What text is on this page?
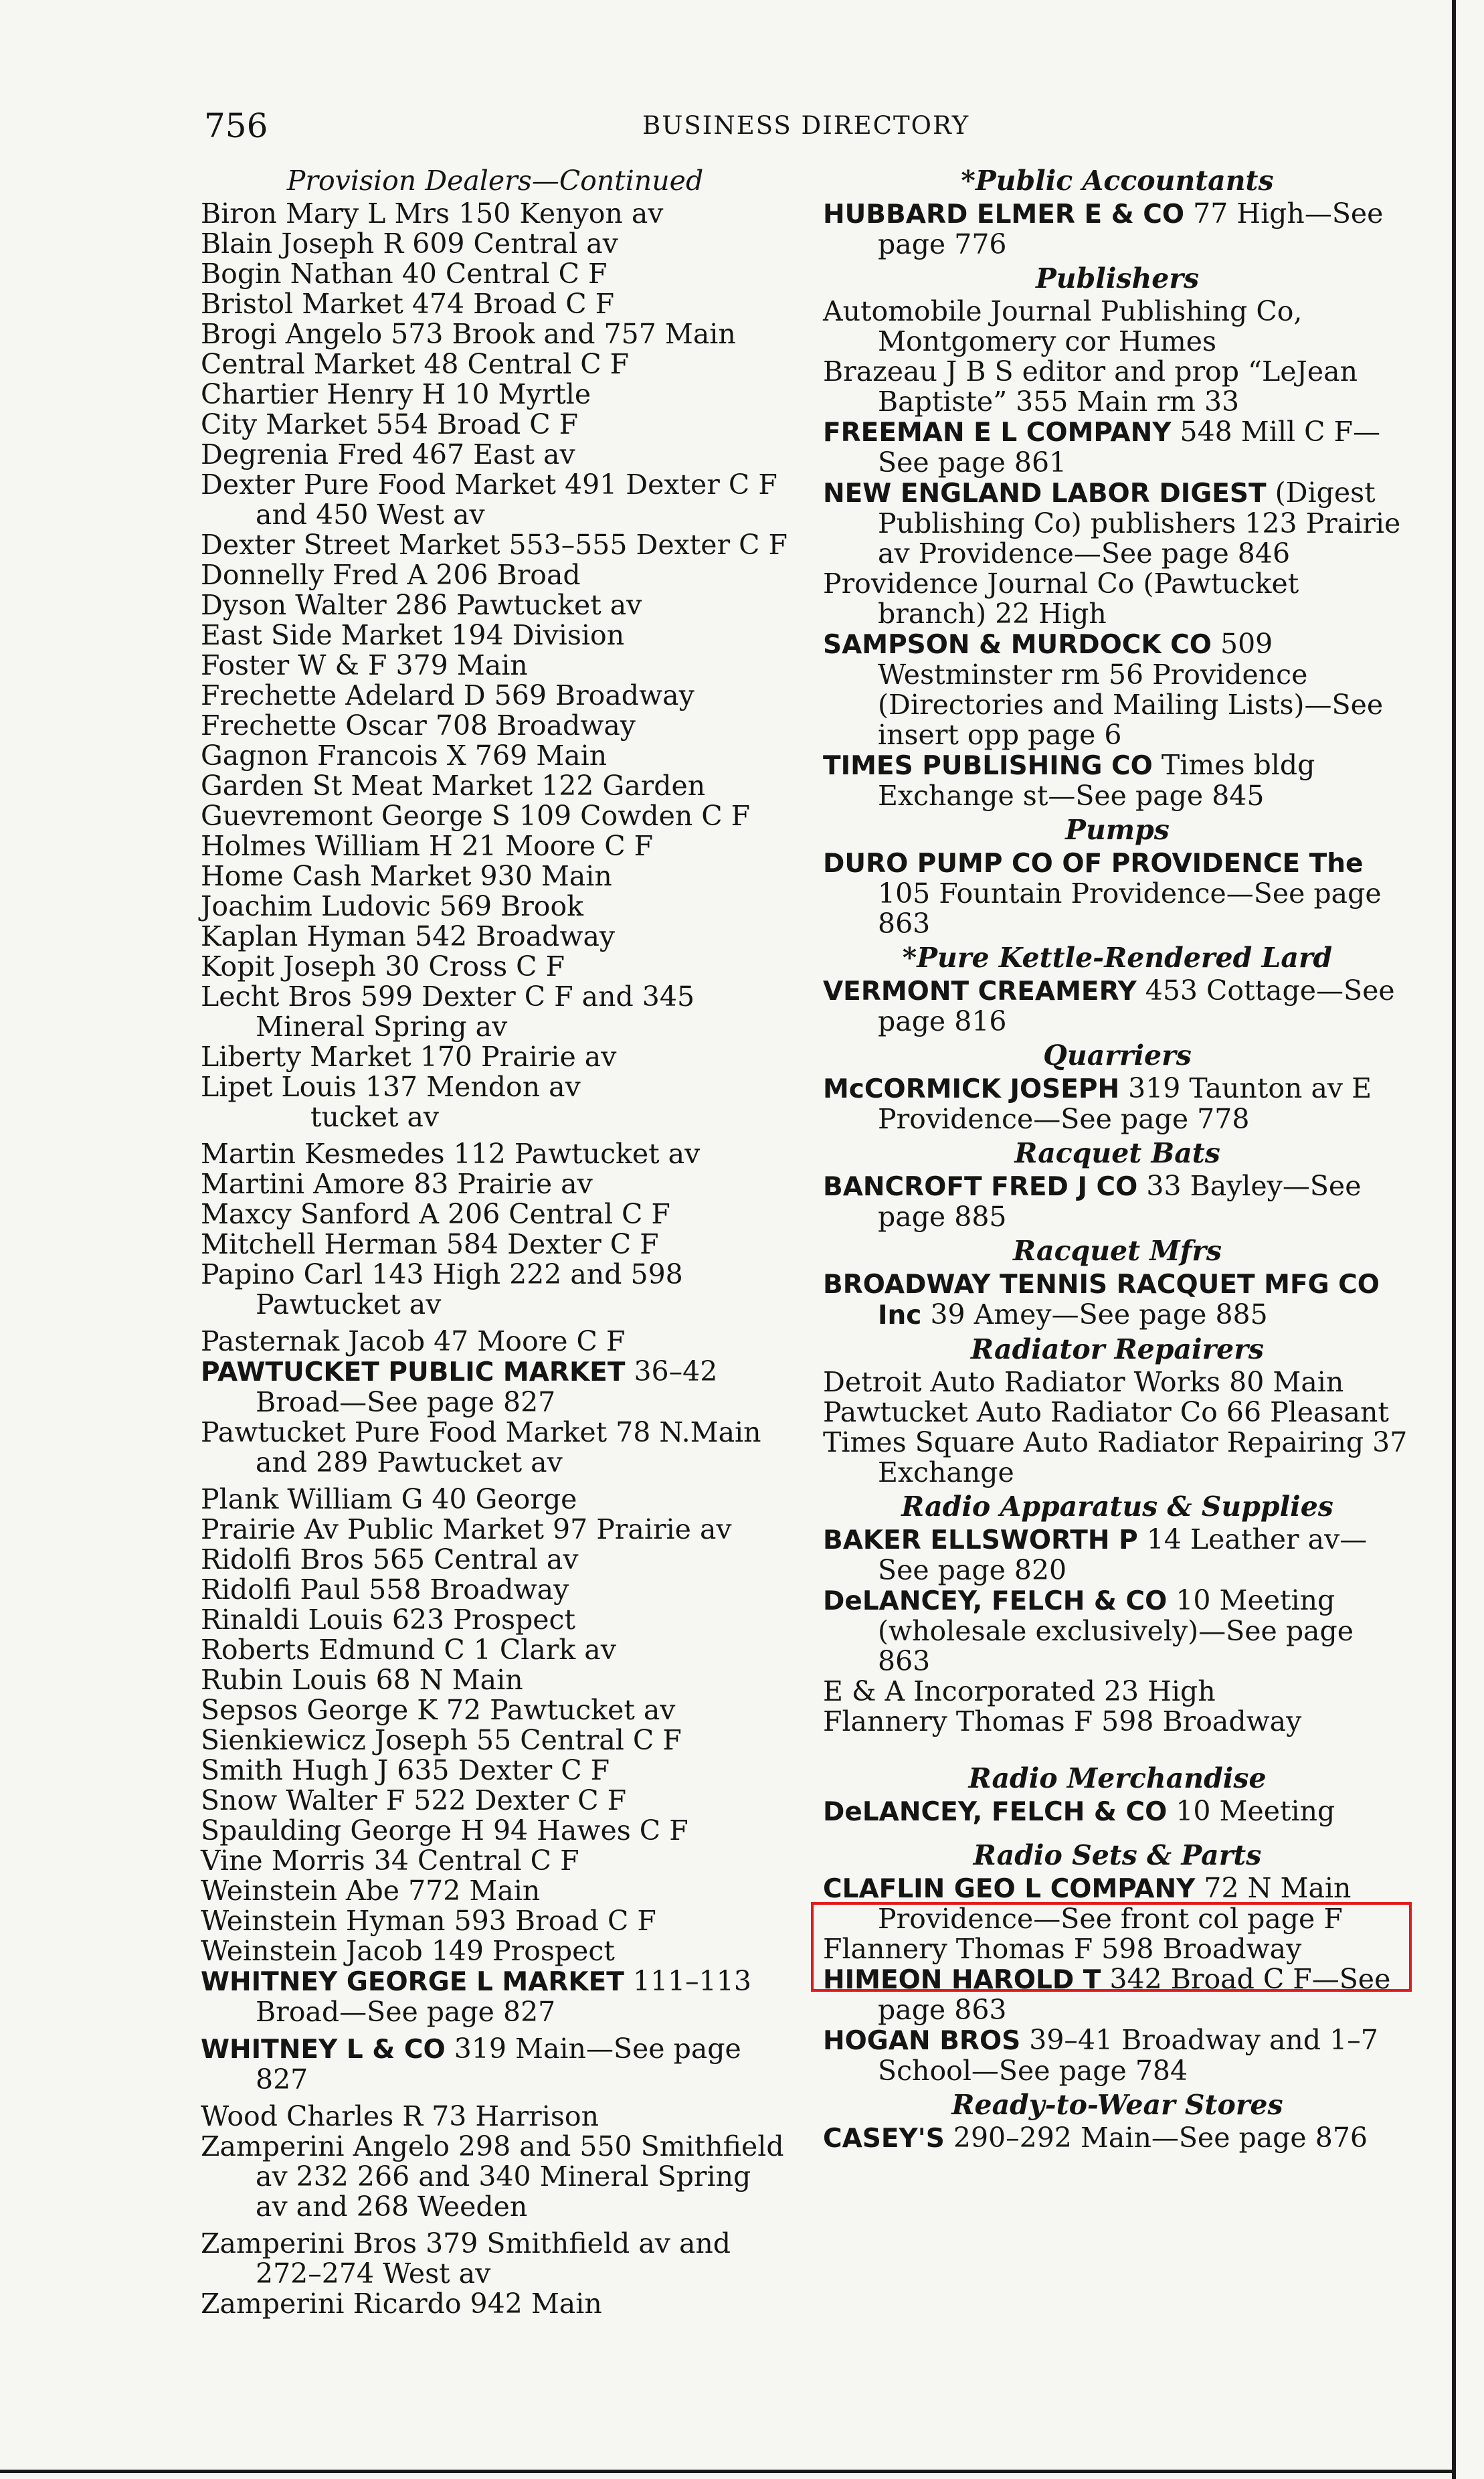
756	BUSINESS DIRECTORY
Provision Dealers—Continued
Biron Mary L Mrs 150 Kenyon av
Blain Joseph R 609 Central av
Bogin Nathan 40 Central C F
Bristol Market 474 Broad C F
Brogi Angelo 573 Brook and 757 Main
Central Market 48 Central C F
Chartier Henry H 10 Myrtle
City Market 554 Broad C F
Degrenia Fred 467 East av
Dexter Pure Food Market 491 Dexter C F and 450 West av
Dexter Street Market 553–555 Dexter C F
Donnelly Fred A 206 Broad
Dyson Walter 286 Pawtucket av
East Side Market 194 Division
Foster W & F 379 Main
Frechette Adelard D 569 Broadway
Frechette Oscar 708 Broadway
Gagnon Francois X 769 Main
Garden St Meat Market 122 Garden
Guevremont George S 109 Cowden C F
Holmes William H 21 Moore C F
Home Cash Market 930 Main
Joachim Ludovic 569 Brook
Kaplan Hyman 542 Broadway
Kopit Joseph 30 Cross C F
Lecht Bros 599 Dexter C F and 345 Mineral Spring av
Liberty Market 170 Prairie av
Lipet Louis 137 Mendon av
tucket av
Martin Kesmedes 112 Pawtucket av
Martini Amore 83 Prairie av
Maxcy Sanford A 206 Central C F
Mitchell Herman 584 Dexter C F
Papino Carl 143 High 222 and 598 Pawtucket av
Pasternak Jacob 47 Moore C F
PAWTUCKET PUBLIC MARKET 36–42 Broad—See page 827
Pawtucket Pure Food Market 78 N.Main and 289 Pawtucket av
Plank William G 40 George
Prairie Av Public Market 97 Prairie av
Ridolfi Bros 565 Central av
Ridolfi Paul 558 Broadway
Rinaldi Louis 623 Prospect
Roberts Edmund C 1 Clark av
Rubin Louis 68 N Main
Sepsos George K 72 Pawtucket av
Sienkiewicz Joseph 55 Central C F
Smith Hugh J 635 Dexter C F
Snow Walter F 522 Dexter C F
Spaulding George H 94 Hawes C F
Vine Morris 34 Central C F
Weinstein Abe 772 Main
Weinstein Hyman 593 Broad C F
Weinstein Jacob 149 Prospect
WHITNEY GEORGE L MARKET 111–113 Broad—See page 827
WHITNEY L & CO 319 Main—See page 827
Wood Charles R 73 Harrison
Zamperini Angelo 298 and 550 Smithfield av 232 266 and 340 Mineral Spring av and 268 Weeden
Zamperini Bros 379 Smithfield av and 272–274 West av
Zamperini Ricardo 942 Main
*Public Accountants
HUBBARD ELMER E & CO 77 High—See page 776
Publishers
Automobile Journal Publishing Co, Montgomery cor Humes
Brazeau J B S editor and prop “LeJean Baptiste” 355 Main rm 33
FREEMAN E L COMPANY 548 Mill C F—See page 861
NEW ENGLAND LABOR DIGEST (Digest Publishing Co) publishers 123 Prairie av Providence—See page 846
Providence Journal Co (Pawtucket branch) 22 High
SAMPSON & MURDOCK CO 509 Westminster rm 56 Providence (Directories and Mailing Lists)—See insert opp page 6
TIMES PUBLISHING CO Times bldg Exchange st—See page 845
Pumps
DURO PUMP CO OF PROVIDENCE The 105 Fountain Providence—See page 863
*Pure Kettle-Rendered Lard
VERMONT CREAMERY 453 Cottage—See page 816
Quarriers
McCORMICK JOSEPH 319 Taunton av E Providence—See page 778
Racquet Bats
BANCROFT FRED J CO 33 Bayley—See page 885
Racquet Mfrs
BROADWAY TENNIS RACQUET MFG CO Inc 39 Amey—See page 885
Radiator Repairers
Detroit Auto Radiator Works 80 Main
Pawtucket Auto Radiator Co 66 Pleasant
Times Square Auto Radiator Repairing 37 Exchange
Radio Apparatus & Supplies
BAKER ELLSWORTH P 14 Leather av—See page 820
DeLANCEY, FELCH & CO 10 Meeting (wholesale exclusively)—See page 863
E & A Incorporated 23 High
Flannery Thomas F 598 Broadway
Radio Merchandise
DeLANCEY, FELCH & CO 10 Meeting
Radio Sets & Parts
CLAFLIN GEO L COMPANY 72 N Main Providence—See front col page F
Flannery Thomas F 598 Broadway
HIMEON HAROLD T 342 Broad C F—See page 863
HOGAN BROS 39–41 Broadway and 1–7 School—See page 784
Ready-to-Wear Stores
CASEY'S 290–292 Main—See page 876
